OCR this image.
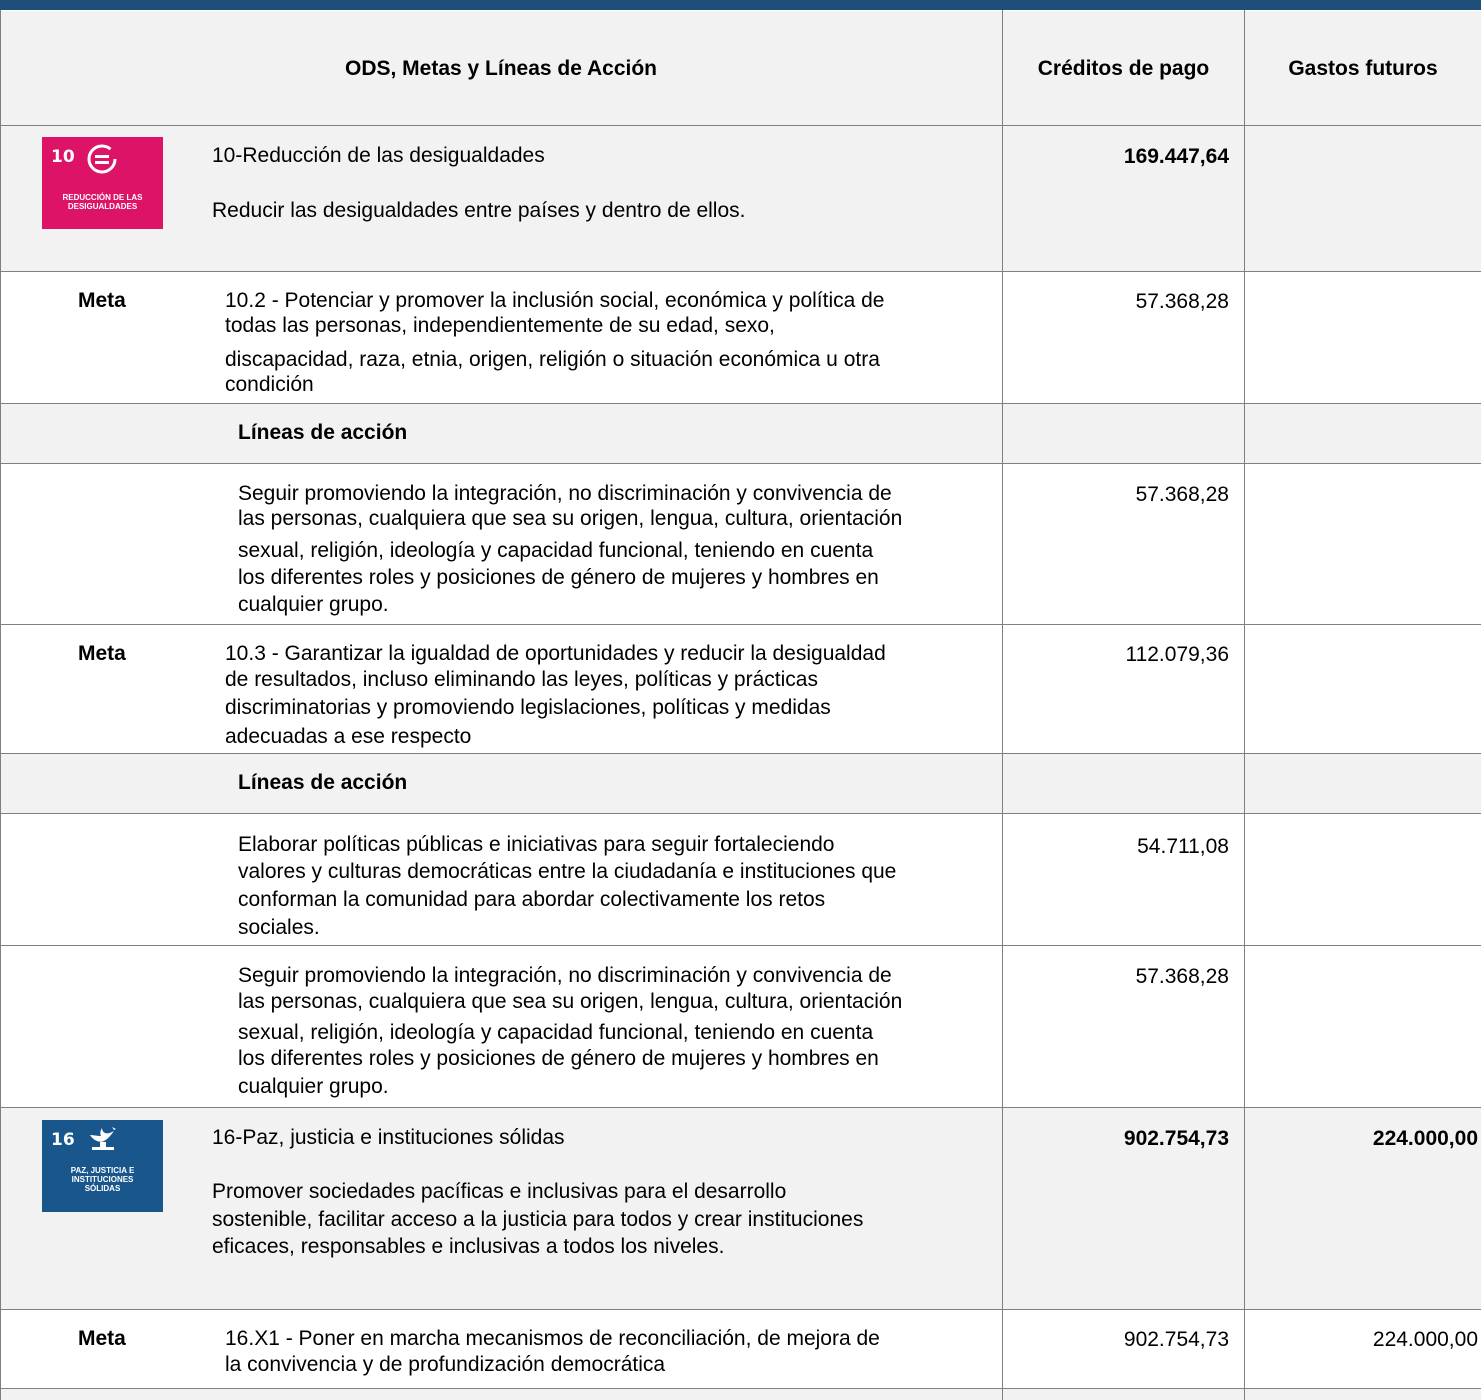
ODS, Metas y Líneas de Acción	Créditos de pago	Gastos futuros
10
REDUCCIÓN DE LAS
DESIGUALDADES
10-Reducción de las desigualdades
Reducir las desigualdades entre países y dentro de ellos.
169.447,64
Meta	10.2 - Potenciar y promover la inclusión social, económica y política de
todas las personas, independientemente de su edad, sexo,
discapacidad, raza, etnia, origen, religión o situación económica u otra
condición
57.368,28
Líneas de acción
Seguir promoviendo la integración, no discriminación y convivencia de
las personas, cualquiera que sea su origen, lengua, cultura, orientación
sexual, religión, ideología y capacidad funcional, teniendo en cuenta
los diferentes roles y posiciones de género de mujeres y hombres en
cualquier grupo.
57.368,28
Meta	10.3 - Garantizar la igualdad de oportunidades y reducir la desigualdad
de resultados, incluso eliminando las leyes, políticas y prácticas
discriminatorias y promoviendo legislaciones, políticas y medidas
adecuadas a ese respecto
112.079,36
Líneas de acción
Elaborar políticas públicas e iniciativas para seguir fortaleciendo
valores y culturas democráticas entre la ciudadanía e instituciones que
conforman la comunidad para abordar colectivamente los retos
sociales.
54.711,08
Seguir promoviendo la integración, no discriminación y convivencia de
las personas, cualquiera que sea su origen, lengua, cultura, orientación
sexual, religión, ideología y capacidad funcional, teniendo en cuenta
los diferentes roles y posiciones de género de mujeres y hombres en
cualquier grupo.
57.368,28
16
PAZ, JUSTICIA E
INSTITUCIONES
SÓLIDAS
16-Paz, justicia e instituciones sólidas
Promover sociedades pacíficas e inclusivas para el desarrollo
sostenible, facilitar acceso a la justicia para todos y crear instituciones
eficaces, responsables e inclusivas a todos los niveles.
902.754,73	224.000,00
Meta	16.X1 - Poner en marcha mecanismos de reconciliación, de mejora de
la convivencia y de profundización democrática
902.754,73	224.000,00
